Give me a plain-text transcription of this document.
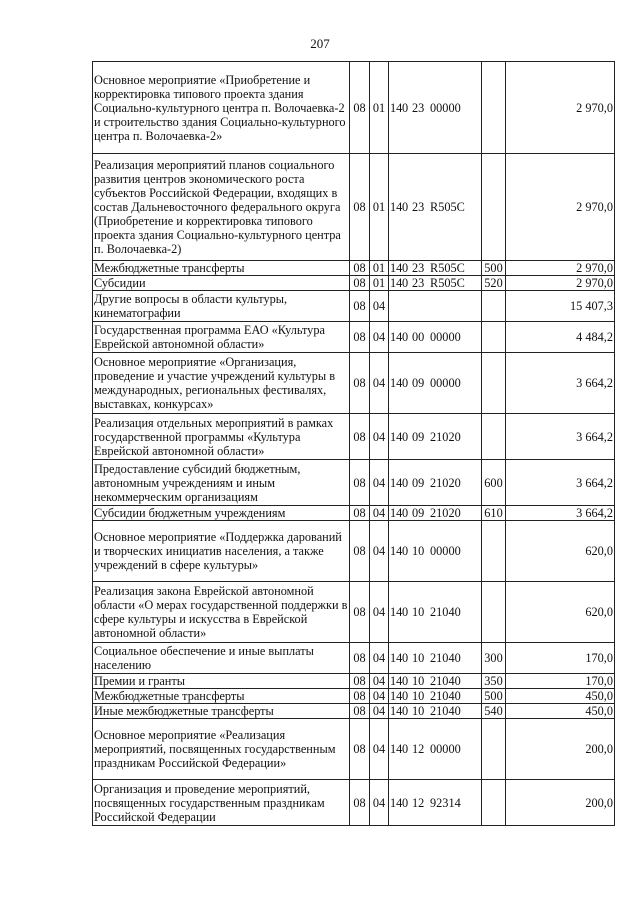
207
Основное мероприятие «Приобретение и корректировка типового проекта здания Социально-культурного центра п. Волочаевка-2 и строительство здания Социально-культурного центра п. Волочаевка-2»	08	01	140 23 00000		2 970,0
Реализация мероприятий планов социального развития центров экономического роста субъектов Российской Федерации, входящих в состав Дальневосточного федерального округа (Приобретение и корректировка типового проекта здания Социально-культурного центра п. Волочаевка-2)	08	01	140 23 R505C		2 970,0
Межбюджетные трансферты	08	01	140 23 R505C	500	2 970,0
Субсидии	08	01	140 23 R505C	520	2 970,0
Другие вопросы в области культуры, кинематографии	08	04			15 407,3
Государственная программа ЕАО «Культура Еврейской автономной области»	08	04	140 00 00000		4 484,2
Основное мероприятие «Организация, проведение и участие учреждений культуры в международных, региональных фестивалях, выставках, конкурсах»	08	04	140 09 00000		3 664,2
Реализация отдельных мероприятий в рамках государственной программы «Культура Еврейской автономной области»	08	04	140 09 21020		3 664,2
Предоставление субсидий бюджетным, автономным учреждениям и иным некоммерческим организациям	08	04	140 09 21020	600	3 664,2
Субсидии бюджетным учреждениям	08	04	140 09 21020	610	3 664,2
Основное мероприятие «Поддержка дарований и творческих инициатив населения, а также учреждений в сфере культуры»	08	04	140 10 00000		620,0
Реализация закона Еврейской автономной области «О мерах государственной поддержки в сфере культуры и искусства в Еврейской автономной области»	08	04	140 10 21040		620,0
Социальное обеспечение и иные выплаты населению	08	04	140 10 21040	300	170,0
Премии и гранты	08	04	140 10 21040	350	170,0
Межбюджетные трансферты	08	04	140 10 21040	500	450,0
Иные межбюджетные трансферты	08	04	140 10 21040	540	450,0
Основное мероприятие «Реализация мероприятий, посвященных государственным праздникам Российской Федерации»	08	04	140 12 00000		200,0
Организация и проведение мероприятий, посвященных государственным праздникам Российской Федерации	08	04	140 12 92314		200,0
